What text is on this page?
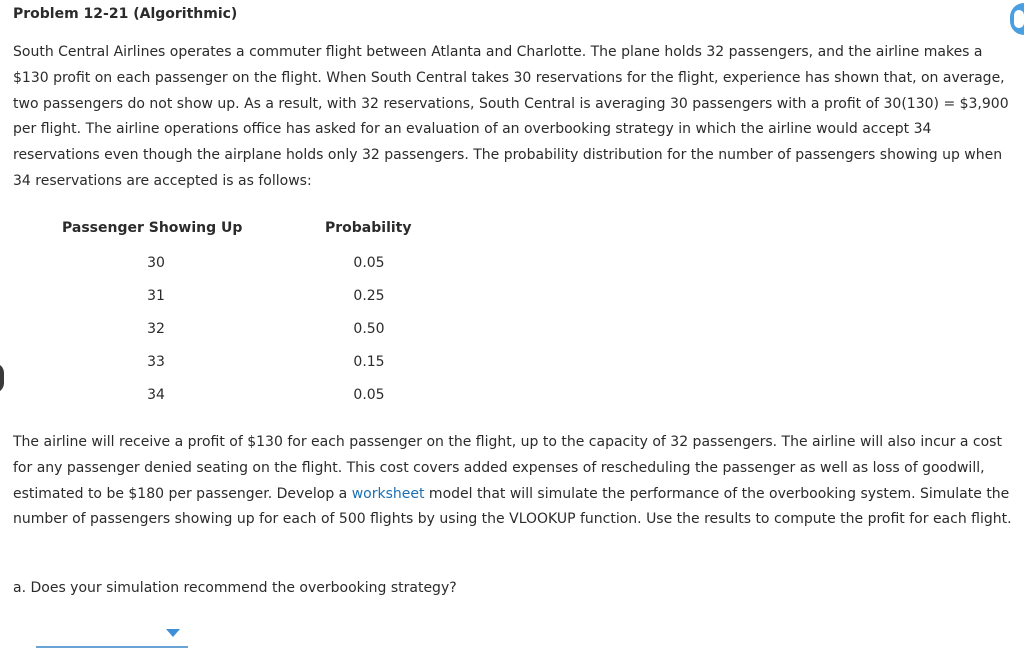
Problem 12-21 (Algorithmic)
South Central Airlines operates a commuter flight between Atlanta and Charlotte. The plane holds 32 passengers, and the airline makes a $130 profit on each passenger on the flight. When South Central takes 30 reservations for the flight, experience has shown that, on average, two passengers do not show up. As a result, with 32 reservations, South Central is averaging 30 passengers with a profit of 30(130) = $3,900 per flight. The airline operations office has asked for an evaluation of an overbooking strategy in which the airline would accept 34 reservations even though the airplane holds only 32 passengers. The probability distribution for the number of passengers showing up when 34 reservations are accepted is as follows:
Passenger Showing Up	Probability
30	0.05
31	0.25
32	0.50
33	0.15
34	0.05
The airline will receive a profit of $130 for each passenger on the flight, up to the capacity of 32 passengers. The airline will also incur a cost for any passenger denied seating on the flight. This cost covers added expenses of rescheduling the passenger as well as loss of goodwill, estimated to be $180 per passenger. Develop a worksheet model that will simulate the performance of the overbooking system. Simulate the number of passengers showing up for each of 500 flights by using the VLOOKUP function. Use the results to compute the profit for each flight.
a. Does your simulation recommend the overbooking strategy?
